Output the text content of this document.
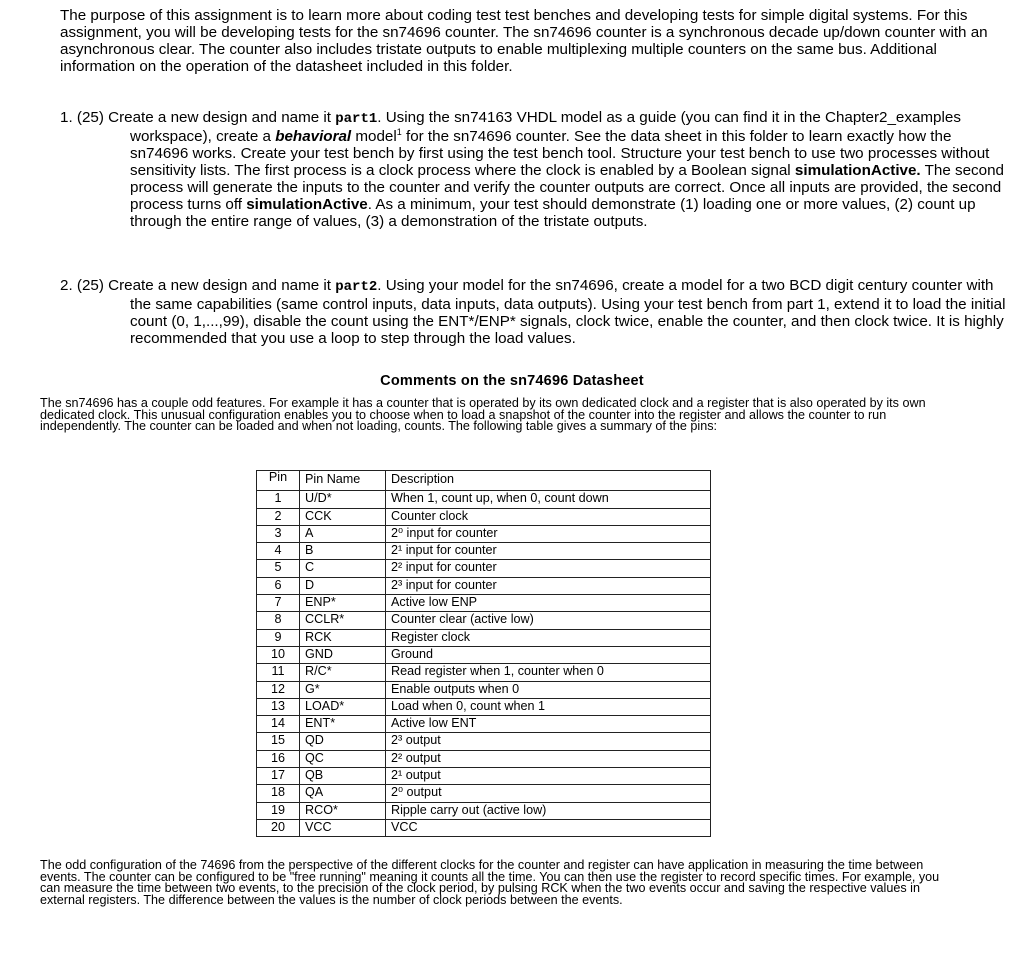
The purpose of this assignment is to learn more about coding test test benches and developing tests for simple digital systems. For this assignment, you will be developing tests for the sn74696 counter. The sn74696 counter is a synchronous decade up/down counter with an asynchronous clear. The counter also includes tristate outputs to enable multiplexing multiple counters on the same bus. Additional information on the operation of the datasheet included in this folder.

1. (25) Create a new design and name it part1. Using the sn74163 VHDL model as a guide (you can find it in the Chapter2_examples workspace), create a behavioral model$^1$ for the sn74696 counter. See the data sheet in this folder to learn exactly how the sn74696 works. Create your test bench by first using the test bench tool. Structure your test bench to use two processes without sensitivity lists. The first process is a clock process where the clock is enabled by a Boolean signal simulationActive. The second process will generate the inputs to the counter and verify the counter outputs are correct. Once all inputs are provided, the second process turns off simulationActive. As a minimum, your test should demonstrate (1) loading one or more values, (2) count up through the entire range of values, (3) a demonstration of the tristate outputs.

2. (25) Create a new design and name it part2. Using your model for the sn74696, create a model for a two BCD digit century counter with the same capabilities (same control inputs, data inputs, data outputs). Using your test bench from part 1, extend it to load the initial count (0, 1,...,99), disable the count using the ENT*/ENP* signals, clock twice, enable the counter, and then clock twice. It is highly recommended that you use a loop to step through the load values.

Comments on the sn74696 Datasheet

The sn74696 has a couple odd features. For example it has a counter that is operated by its own dedicated clock and a register that is also operated by its own dedicated clock. This unusual configuration enables you to choose when to load a snapshot of the counter into the register and allows the counter to run independently. The counter can be loaded and when not loading, counts. The following table gives a summary of the pins:

Pin	Pin Name	Description
1	U/D*	When 1, count up, when 0, count down
2	CCK	Counter clock
3	A	2⁰ input for counter
4	B	2¹ input for counter
5	C	2² input for counter
6	D	2³ input for counter
7	ENP*	Active low ENP
8	CCLR*	Counter clear (active low)
9	RCK	Register clock
10	GND	Ground
11	R/C*	Read register when 1, counter when 0
12	G*	Enable outputs when 0
13	LOAD*	Load when 0, count when 1
14	ENT*	Active low ENT
15	QD	2³ output
16	QC	2² output
17	QB	2¹ output
18	QA	2⁰ output
19	RCO*	Ripple carry out (active low)
20	VCC	VCC

The odd configuration of the 74696 from the perspective of the different clocks for the counter and register can have application in measuring the time between events. The counter can be configured to be "free running" meaning it counts all the time. You can then use the register to record specific times. For example, you can measure the time between two events, to the precision of the clock period, by pulsing RCK when the two events occur and saving the respective values in external registers. The difference between the values is the number of clock periods between the events.
